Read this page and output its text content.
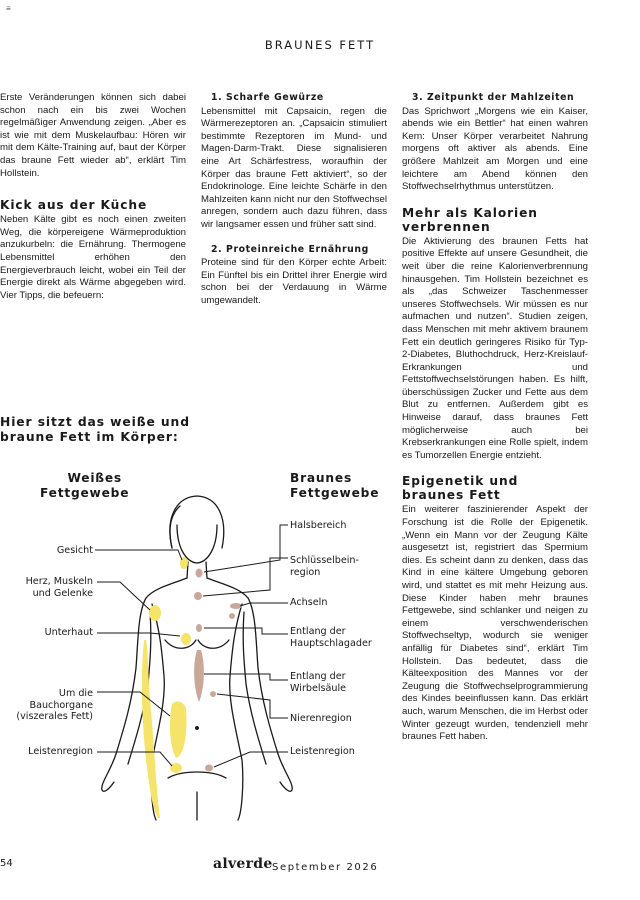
≡
BRAUNES FETT

Erste Veränderungen können sich dabei schon nach ein bis zwei Wochen regelmäßiger Anwendung zeigen. „Aber es ist wie mit dem Muskelaufbau: Hören wir mit dem Kälte-Training auf, baut der Körper das braune Fett wieder ab“, erklärt Tim Hollstein.

Kick aus der Küche

Neben Kälte gibt es noch einen zweiten Weg, die körpereigene Wärmeproduktion anzukurbeln: die Ernährung. Thermogene Lebensmittel erhöhen den Energieverbrauch leicht, wobei ein Teil der Energie direkt als Wärme abgegeben wird. Vier Tipps, die befeuern:

1. Scharfe Gewürze

Lebensmittel mit Capsaicin, regen die Wärmerezeptoren an. „Capsaicin stimuliert bestimmte Rezeptoren im Mund- und Magen-Darm-Trakt. Diese signalisieren eine Art Schärfestress, woraufhin der Körper das braune Fett aktiviert“, so der Endokrinologe. Eine leichte Schärfe in den Mahlzeiten kann nicht nur den Stoffwechsel anregen, sondern auch dazu führen, dass wir langsamer essen und früher satt sind.

2. Proteinreiche Ernährung

Proteine sind für den Körper echte Arbeit: Ein Fünftel bis ein Drittel ihrer Energie wird schon bei der Verdauung in Wärme umgewandelt.

3. Zeitpunkt der Mahlzeiten

Das Sprichwort „Morgens wie ein Kaiser, abends wie ein Bettler“ hat einen wahren Kern: Unser Körper verarbeitet Nahrung morgens oft aktiver als abends. Eine größere Mahlzeit am Morgen und eine leichtere am Abend können den Stoffwechselrhythmus unterstützen.

Mehr als Kalorien
verbrennen

Die Aktivierung des braunen Fetts hat positive Effekte auf unsere Gesundheit, die weit über die reine Kalorienverbrennung hinausgehen. Tim Hollstein bezeichnet es als „das Schweizer Taschenmesser unseres Stoffwechsels. Wir müssen es nur aufmachen und nutzen“. Studien zeigen, dass Menschen mit mehr aktivem braunem Fett ein deutlich geringeres Risiko für Typ-2-Diabetes, Bluthochdruck, Herz-Kreislauf-Erkrankungen und Fettstoffwechselstörungen haben. Es hilft, überschüssigen Zucker und Fette aus dem Blut zu entfernen. Außerdem gibt es Hinweise darauf, dass braunes Fett möglicherweise auch bei Krebserkrankungen eine Rolle spielt, indem es Tumorzellen Energie entzieht.

Epigenetik und
braunes Fett

Ein weiterer faszinierender Aspekt der Forschung ist die Rolle der Epigenetik. „Wenn ein Mann vor der Zeugung Kälte ausgesetzt ist, registriert das Spermium dies. Es scheint dann zu denken, dass das Kind in eine kältere Umgebung geboren wird, und stattet es mit mehr Heizung aus. Diese Kinder haben mehr braunes Fettgewebe, sind schlanker und neigen zu einem verschwenderischen Stoffwechseltyp, wodurch sie weniger anfällig für Diabetes sind“, erklärt Tim Hollstein. Das bedeutet, dass die Kälteexposition des Mannes vor der Zeugung die Stoffwechselprogrammierung des Kindes beeinflussen kann. Das erklärt auch, warum Menschen, die im Herbst oder Winter gezeugt wurden, tendenziell mehr braunes Fett haben.

Hier sitzt das weiße und
braune Fett im Körper:
Weißes
Fettgewebe
Braunes
Fettgewebe
Gesicht
Herz, Muskeln
und Gelenke
Unterhaut
Um die
Bauchorgane
(viszerales Fett)
Leistenregion
Halsbereich
Schlüsselbein-
region
Achseln
Entlang der
Hauptschlagader
Entlang der
Wirbelsäule
Nierenregion
Leistenregion
54	alverde September 2026
